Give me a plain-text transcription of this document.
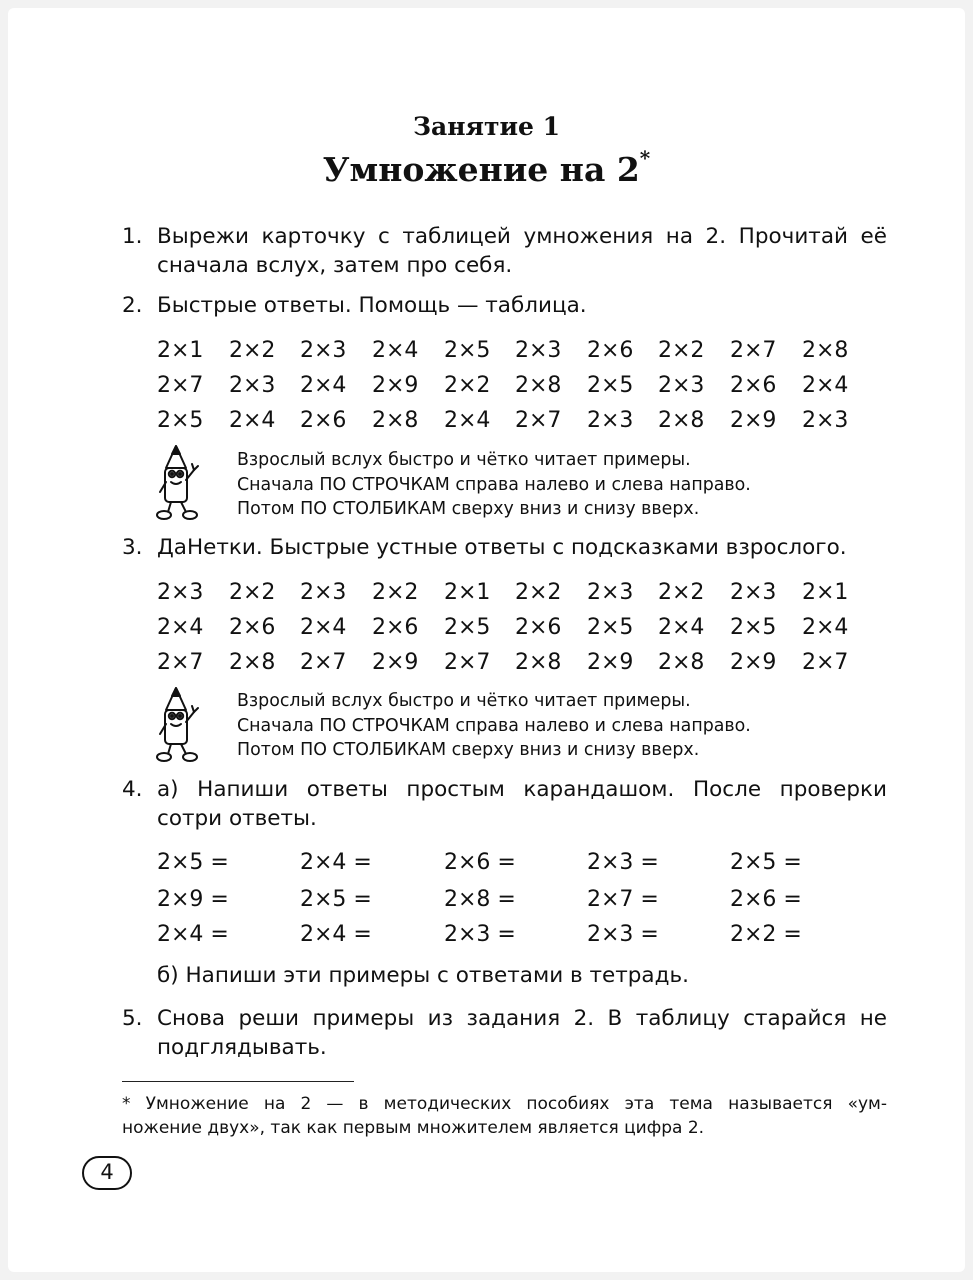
Занятие 1
Умножение на 2*
1. Вырежи карточку с таблицей умножения на 2. Прочитай её сначала вслух, затем про себя.
2. Быстрые ответы. Помощь — таблица.
2×1 2×2 2×3 2×4 2×5 2×3 2×6 2×2 2×7 2×8
2×7 2×3 2×4 2×9 2×2 2×8 2×5 2×3 2×6 2×4
2×5 2×4 2×6 2×8 2×4 2×7 2×3 2×8 2×9 2×3
Взрослый вслух быстро и чётко читает примеры.
Сначала ПО СТРОЧКАМ справа налево и слева направо.
Потом ПО СТОЛБИКАМ сверху вниз и снизу вверх.
3. ДаНетки. Быстрые устные ответы с подсказками взрослого.
2×3 2×2 2×3 2×2 2×1 2×2 2×3 2×2 2×3 2×1
2×4 2×6 2×4 2×6 2×5 2×6 2×5 2×4 2×5 2×4
2×7 2×8 2×7 2×9 2×7 2×8 2×9 2×8 2×9 2×7
Взрослый вслух быстро и чётко читает примеры.
Сначала ПО СТРОЧКАМ справа налево и слева направо.
Потом ПО СТОЛБИКАМ сверху вниз и снизу вверх.
4. а) Напиши ответы простым карандашом. После проверки сотри ответы.
2×5 =	2×4 =	2×6 =	2×3 =	2×5 =
2×9 =	2×5 =	2×8 =	2×7 =	2×6 =
2×4 =	2×4 =	2×3 =	2×3 =	2×2 =
б) Напиши эти примеры с ответами в тетрадь.
5. Снова реши примеры из задания 2. В таблицу старайся не подглядывать.
* Умножение на 2 — в методических пособиях эта тема называется «ум-
ножение двух», так как первым множителем является цифра 2.
4
